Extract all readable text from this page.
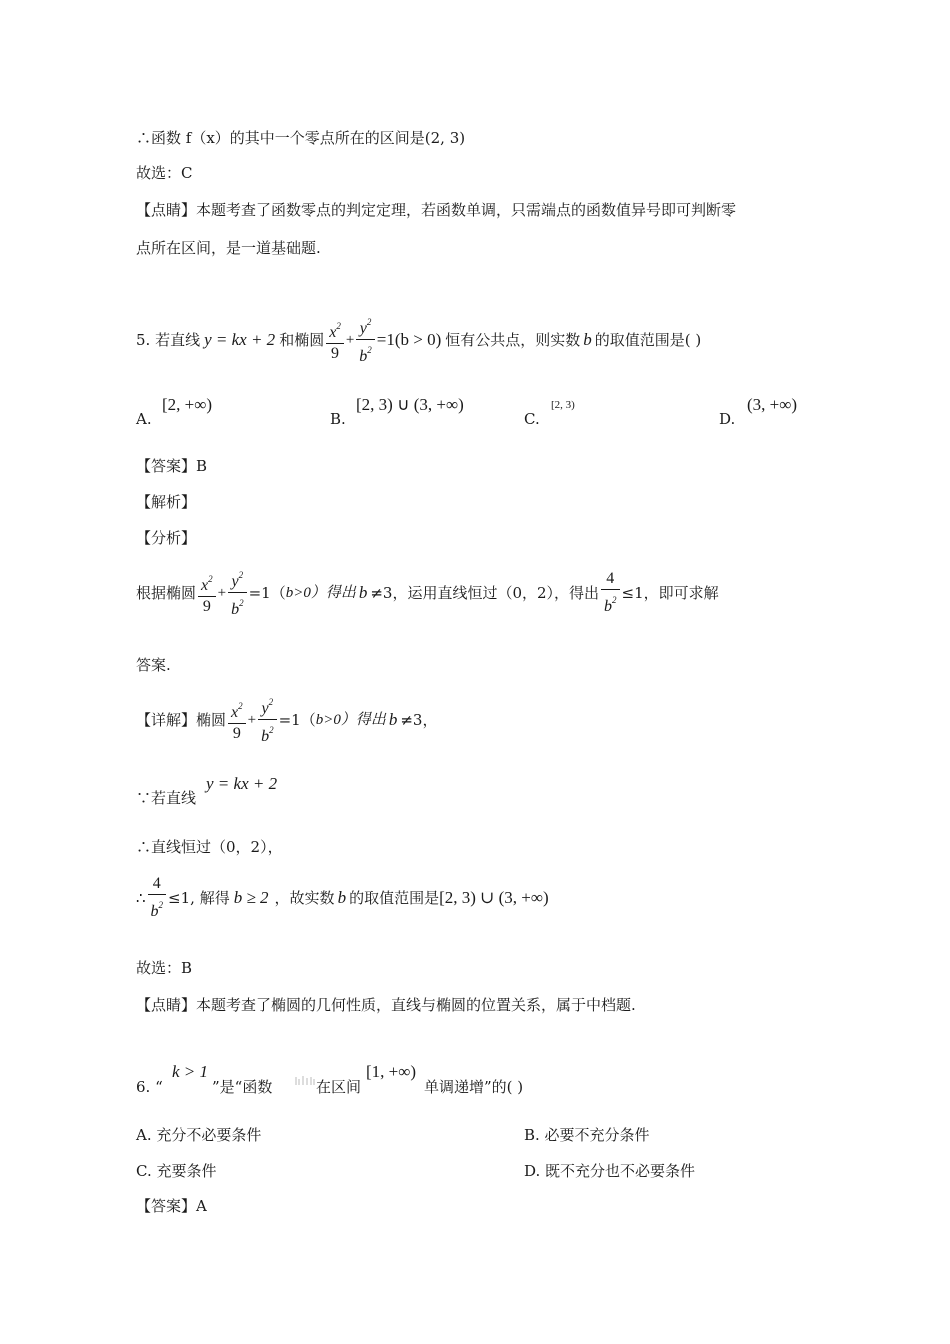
∴函数 f（x）的其中一个零点所在的区间是(2, 3)
故选：C
【点睛】本题考查了函数零点的判定定理，若函数单调，只需端点的函数值异号即可判断零
点所在区间，是一道基础题.
5. 若直线 y = kx + 2 和椭圆 $\frac{x^2}{9} + \frac{y^2}{b^2} =1(b > 0)$ 恒有公共点，则实数 b 的取值范围是( )
A.
[2, +∞)
B.
[2, 3) ∪ (3, +∞)
C.
[2, 3)
D.
(3, +∞)
【答案】B
【解析】
【分析】
根据椭圆 $\frac{x^2}{9} + \frac{y^2}{b^2} =1$（ b>0）得出 b ≠3，运用直线恒过（0，2），得出 $\frac{4}{b^2} \le 1$，即可求解
答案.
【详解】椭圆 $\frac{x^2}{9} + \frac{y^2}{b^2} =1$（ b>0）得出 b ≠3，
∵若直线
y = kx + 2
∴直线恒过（0，2），
∴ $\frac{4}{b^2} \le 1$, 解得 b ≥ 2 ，故实数 b 的取值范围是 [2, 3) ∪ (3, +∞)
故选：B
【点睛】本题考查了椭圆的几何性质，直线与椭圆的位置关系，属于中档题.
6. “
k > 1
”是“函数	在区间
[1, +∞)
单调递增”的( )
A. 充分不必要条件	B. 必要不充分条件
C. 充要条件	D. 既不充分也不必要条件
【答案】A
